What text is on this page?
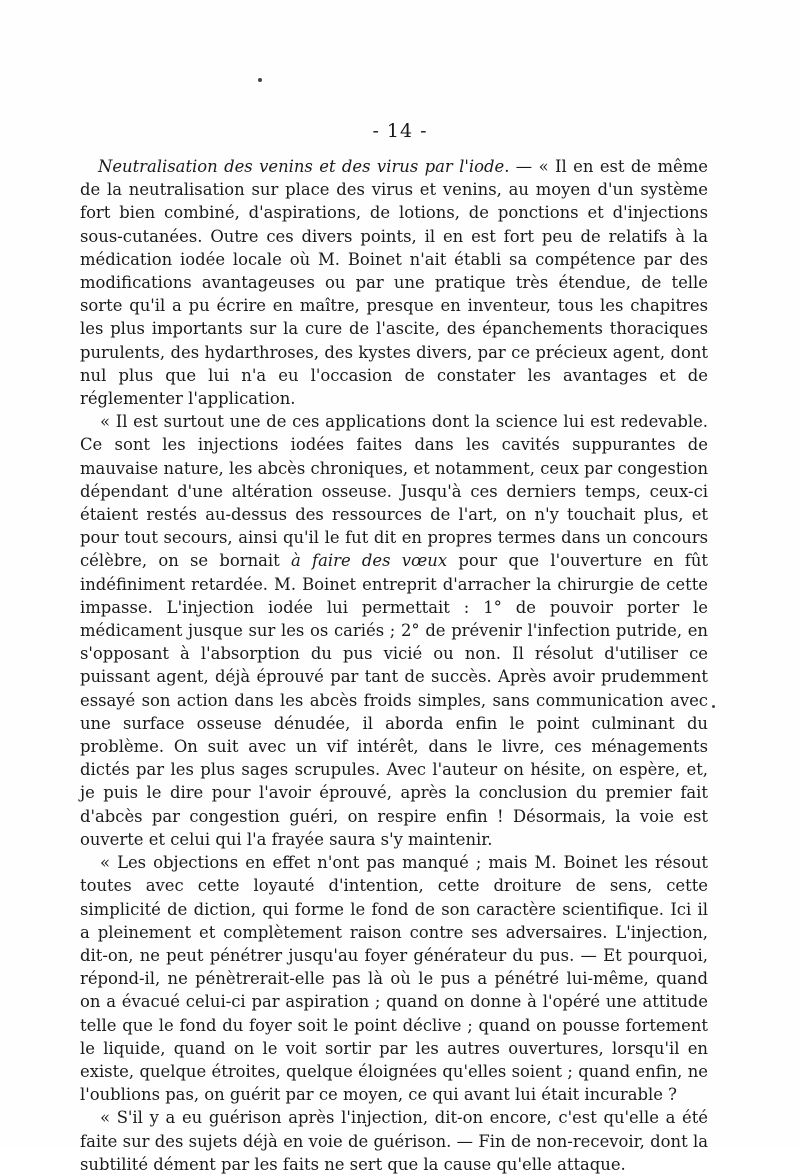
- 14 -

Neutralisation des venins et des virus par l'iode. — « Il en est de même de la neutralisation sur place des virus et venins, au moyen d'un système fort bien combiné, d'aspirations, de lotions, de ponctions et d'injections sous-cutanées. Outre ces divers points, il en est fort peu de relatifs à la médication iodée locale où M. Boinet n'ait établi sa compétence par des modifications avantageuses ou par une pratique très étendue, de telle sorte qu'il a pu écrire en maître, presque en inventeur, tous les chapitres les plus importants sur la cure de l'ascite, des épanchements thoraciques purulents, des hydarthroses, des kystes divers, par ce précieux agent, dont nul plus que lui n'a eu l'occasion de constater les avantages et de réglementer l'application.

« Il est surtout une de ces applications dont la science lui est redevable. Ce sont les injections iodées faites dans les cavités suppurantes de mauvaise nature, les abcès chroniques, et notamment, ceux par congestion dépendant d'une altération osseuse. Jusqu'à ces derniers temps, ceux-ci étaient restés au-dessus des ressources de l'art, on n'y touchait plus, et pour tout secours, ainsi qu'il le fut dit en propres termes dans un concours célèbre, on se bornait à faire des vœux pour que l'ouverture en fût indéfiniment retardée. M. Boinet entreprit d'arracher la chirurgie de cette impasse. L'injection iodée lui permettait : 1° de pouvoir porter le médicament jusque sur les os cariés ; 2° de prévenir l'infection putride, en s'opposant à l'absorption du pus vicié ou non. Il résolut d'utiliser ce puissant agent, déjà éprouvé par tant de succès. Après avoir prudemment essayé son action dans les abcès froids simples, sans communication avec une surface osseuse dénudée, il aborda enfin le point culminant du problème. On suit avec un vif intérêt, dans le livre, ces ménagements dictés par les plus sages scrupules. Avec l'auteur on hésite, on espère, et, je puis le dire pour l'avoir éprouvé, après la conclusion du premier fait d'abcès par congestion guéri, on respire enfin ! Désormais, la voie est ouverte et celui qui l'a frayée saura s'y maintenir.

« Les objections en effet n'ont pas manqué ; mais M. Boinet les résout toutes avec cette loyauté d'intention, cette droiture de sens, cette simplicité de diction, qui forme le fond de son caractère scientifique. Ici il a pleinement et complètement raison contre ses adversaires. L'injection, dit-on, ne peut pénétrer jusqu'au foyer générateur du pus. — Et pourquoi, répond-il, ne pénètrerait-elle pas là où le pus a pénétré lui-même, quand on a évacué celui-ci par aspiration ; quand on donne à l'opéré une attitude telle que le fond du foyer soit le point déclive ; quand on pousse fortement le liquide, quand on le voit sortir par les autres ouvertures, lorsqu'il en existe, quelque étroites, quelque éloignées qu'elles soient ; quand enfin, ne l'oublions pas, on guérit par ce moyen, ce qui avant lui était incurable ?

« S'il y a eu guérison après l'injection, dit-on encore, c'est qu'elle a été faite sur des sujets déjà en voie de guérison. — Fin de non-recevoir, dont la subtilité dément par les faits ne sert que la cause qu'elle attaque.
